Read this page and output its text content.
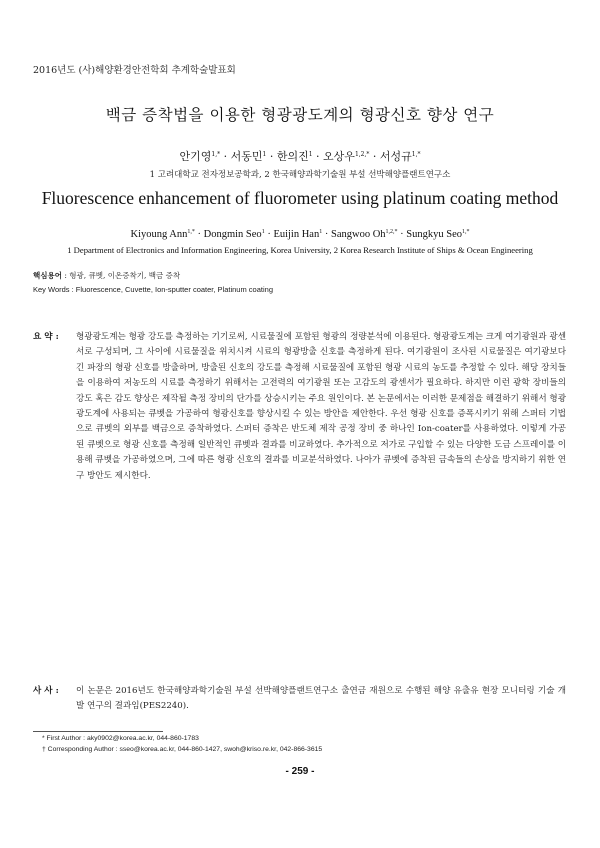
2016년도 (사)해양환경안전학회 추계학술발표회
백금 증착법을 이용한 형광광도계의 형광신호 향상 연구
안기영$^{1,*}$ · 서동민$^1$ · 한의진$^1$ · 오상우$^{1,2,*}$ · 서성규$^{1,*}$
1 고려대학교 전자정보공학과, 2 한국해양과학기술원 부설 선박해양플랜트연구소
Fluorescence enhancement of fluorometer using platinum coating method
Kiyoung Ann$^{1,*}$ · Dongmin Seo$^1$ · Euijin Han$^1$ · Sangwoo $Oh^{1,2,*}$ · Sungkyu Seo$^{1,*}$
1 Department of Electronics and Information Engineering, Korea University, 2 Korea Research Institute of Ships & Ocean Engineering
핵심용어 : 형광, 큐벳, 이온증착기, 백금 증착
Key Words : Fluorescence, Cuvette, Ion-sputter coater, Platinum coating
요 약 : 형광광도계는 형광 강도를 측정하는 기기로써, 시료물질에 포함된 형광의 정량분석에 이용된다. 형광광도계는 크게 여기광원과 광센서로 구성되며, 그 사이에 시료물질을 위치시켜 시료의 형광방출 신호를 측정하게 된다. 여기광원이 조사된 시료물질은 여기광보다 긴 파장의 형광 신호를 방출하며, 방출된 신호의 강도를 측정해 시료물질에 포함된 형광 시료의 농도를 추정할 수 있다. 해당 장치들을 이용하여 저농도의 시료를 측정하기 위해서는 고전력의 여기광원 또는 고감도의 광센서가 필요하다. 하지만 이런 광학 장비들의 강도 혹은 감도 향상은 제작될 측정 장비의 단가를 상승시키는 주요 원인이다. 본 논문에서는 이러한 문제점을 해결하기 위해서 형광광도계에 사용되는 큐벳을 가공하여 형광신호를 향상시킬 수 있는 방안을 제안한다. 우선 형광 신호를 증폭시키기 위해 스퍼터 기법으로 큐벳의 외부를 백금으로 증착하였다. 스퍼터 증착은 반도체 제작 공정 장비 중 하나인 Ion-coater를 사용하였다. 이렇게 가공된 큐벳으로 형광 신호를 측정해 일반적인 큐벳과 결과를 비교하였다. 추가적으로 저가로 구입할 수 있는 다양한 도금 스프레이를 이용해 큐벳을 가공하였으며, 그에 따른 형광 신호의 결과를 비교분석하였다. 나아가 큐벳에 증착된 금속들의 손상을 방지하기 위한 연구 방안도 제시한다.
사 사 : 이 논문은 2016년도 한국해양과학기술원 부설 선박해양플랜트연구소 출연금 재원으로 수행된 해양 유출유 현장 모니터링 기술 개발 연구의 결과임(PES2240).
* First Author : aky0902@korea.ac.kr, 044-860-1783
† Corresponding Author : sseo@korea.ac.kr, 044-860-1427, swoh@kriso.re.kr, 042-866-3615
- 259 -
